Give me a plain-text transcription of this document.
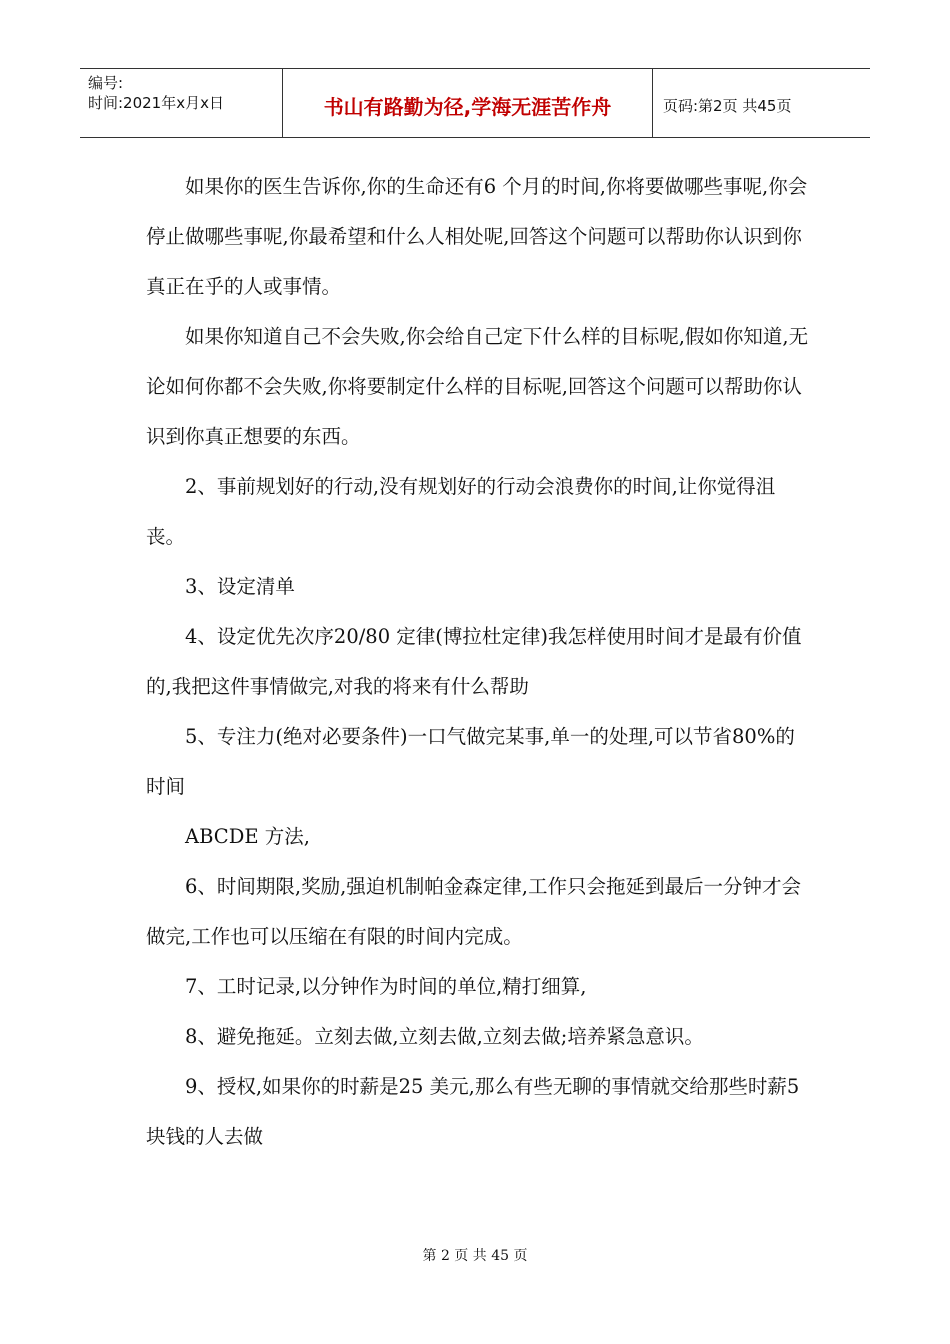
编号:
时间:2021年x月x日	书山有路勤为径,学海无涯苦作舟	页码:第2页 共45页

如果你的医生告诉你,你的生命还有6 个月的时间,你将要做哪些事呢,你会停止做哪些事呢,你最希望和什么人相处呢,回答这个问题可以帮助你认识到你真正在乎的人或事情。

如果你知道自己不会失败,你会给自己定下什么样的目标呢,假如你知道,无论如何你都不会失败,你将要制定什么样的目标呢,回答这个问题可以帮助你认识到你真正想要的东西。

2、事前规划好的行动,没有规划好的行动会浪费你的时间,让你觉得沮丧。

3、设定清单

4、设定优先次序20/80 定律(博拉杜定律)我怎样使用时间才是最有价值的,我把这件事情做完,对我的将来有什么帮助

5、专注力(绝对必要条件)一口气做完某事,单一的处理,可以节省80%的时间

ABCDE 方法,

6、时间期限,奖励,强迫机制帕金森定律,工作只会拖延到最后一分钟才会做完,工作也可以压缩在有限的时间内完成。

7、工时记录,以分钟作为时间的单位,精打细算,

8、避免拖延。立刻去做,立刻去做,立刻去做;培养紧急意识。

9、授权,如果你的时薪是25 美元,那么有些无聊的事情就交给那些时薪5 块钱的人去做

第 2 页 共 45 页
